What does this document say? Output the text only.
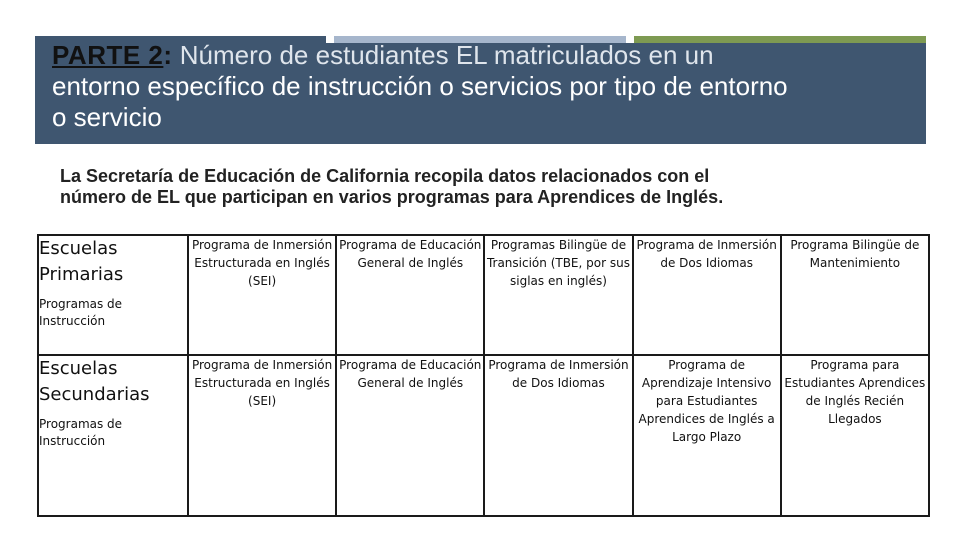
PARTE 2: Número de estudiantes EL matriculados en un
entorno específico de instrucción o servicios por tipo de entorno
o servicio
La Secretaría de Educación de California recopila datos relacionados con el
número de EL que participan en varios programas para Aprendices de Inglés.
Escuelas Primarias
Programas de Instrucción	Programa de Inmersión Estructurada en Inglés (SEI)	Programa de Educación General de Inglés	Programas Bilingüe de Transición (TBE, por sus siglas en inglés)	Programa de Inmersión de Dos Idiomas	Programa Bilingüe de Mantenimiento

Escuelas Secundarias
Programas de Instrucción	Programa de Inmersión Estructurada en Inglés (SEI)	Programa de Educación General de Inglés	Programa de Inmersión de Dos Idiomas	Programa de Aprendizaje Intensivo para Estudiantes Aprendices de Inglés a Largo Plazo	Programa para Estudiantes Aprendices de Inglés Recién Llegados
